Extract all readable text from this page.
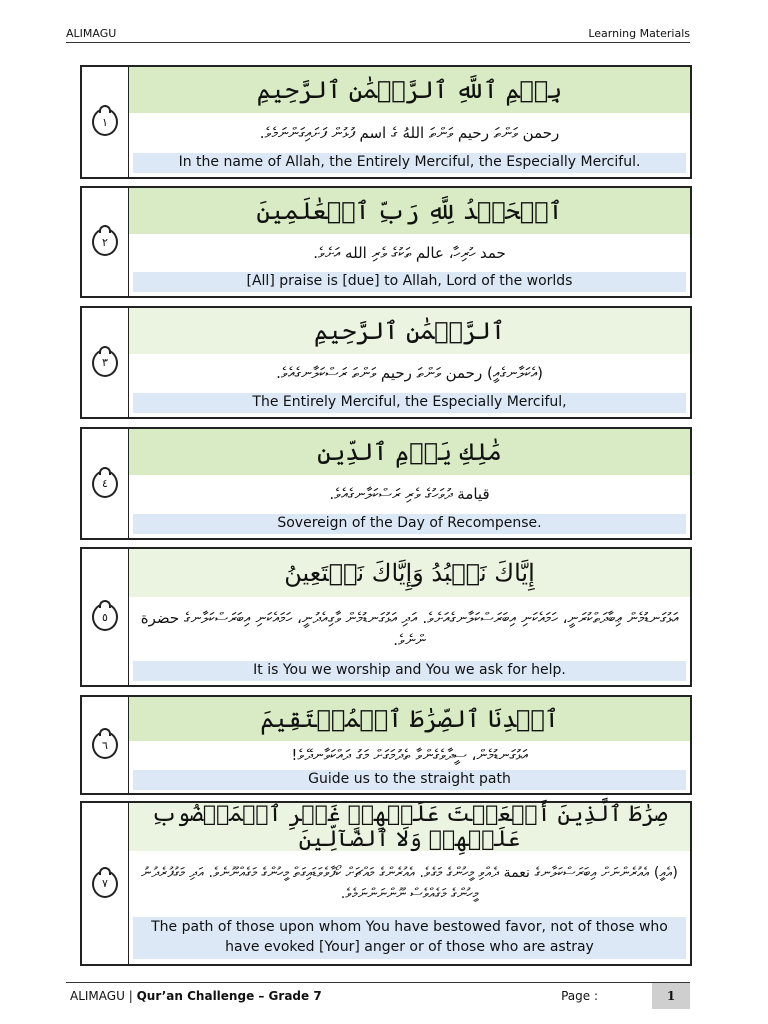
ALIMAGU	Learning Materials
١
بِسۡمِ ٱللَّهِ ٱلرَّحۡمَٰنِ ٱلرَّحِيمِ
رحمن ވަންތަ رحيم ވަންތަ اللهُ ގެ اسم ފުޅުން ފަށައިގަންނަމެވެ.
In the name of Allah, the Entirely Merciful, the Especially Merciful.
٢
ٱلۡحَمۡدُ لِلَّهِ رَبِّ ٱلۡعَٰلَمِينَ
حمد ހުރިހާ، عالم ތަކުގެ ވެރި الله އަށެވެ.
[All] praise is [due] to Allah, Lord of the worlds
٣
ٱلرَّحۡمَٰنِ ٱلرَّحِيمِ
(އެކަލާނގެއީ) رحمن ވަންތަ رحيم ވަންތަ ރަސްކަލާނގެއެވެ.
The Entirely Merciful, the Especially Merciful,
٤
مَٰلِكِ يَوۡمِ ٱلدِّينِ
قيامة ދުވަހުގެ ވެރި ރަސްކަލާނގެއެވެ.
Sovereign of the Day of Recompense.
٥
إِيَّاكَ نَعۡبُدُ وَإِيَّاكَ نَسۡتَعِينُ
އަޅުގަނޑުމެން ޢިބާދަތްކުރަނީ، ހަމައެކަނި އިބަރަސްކަލާނގެއަށެވެ. އަދި އަޅުގަނޑުމެން ވާގިއެދުނީ، ހަމައެކަނި އިބަރަސްކަލާނގެ حضرة ންނެވެ.
It is You we worship and You we ask for help.
٦
ٱهۡدِنَا ٱلصِّرَٰطَ ٱلۡمُسۡتَقِيمَ
އަޅުގަނޑުމެން، ސީދާވެގެންވާ ތެދުމަގަށް މަގު ދައްކަވާނދޭވެ!
Guide us to the straight path
٧
صِرَٰطَ ٱلَّذِينَ أَنۡعَمۡتَ عَلَيۡهِمۡ غَيۡرِ ٱلۡمَغۡضُوبِ عَلَيۡهِمۡ وَلَا ٱلضَّآلِّينَ
(އެއީ) އެއުރެންނަށް އިބަރަސްކަލާނގެ نعمة ދެއްވި މީހުންގެ މަގެވެ. އެއުރެންގެ މައްޗަށް ކޯފާވެވަޑައިގަތް މީހުންގެ މަގެއްނޫނެވެ. އަދި މަގުފުރެދުނު މީހުންގެ މަގެއްވެސް ނޫންނަންނަމެވެ.
The path of those upon whom You have bestowed favor, not of those who have evoked [Your] anger or of those who are astray
ALIMAGU | Qur’an Challenge – Grade 7	Page :	1
